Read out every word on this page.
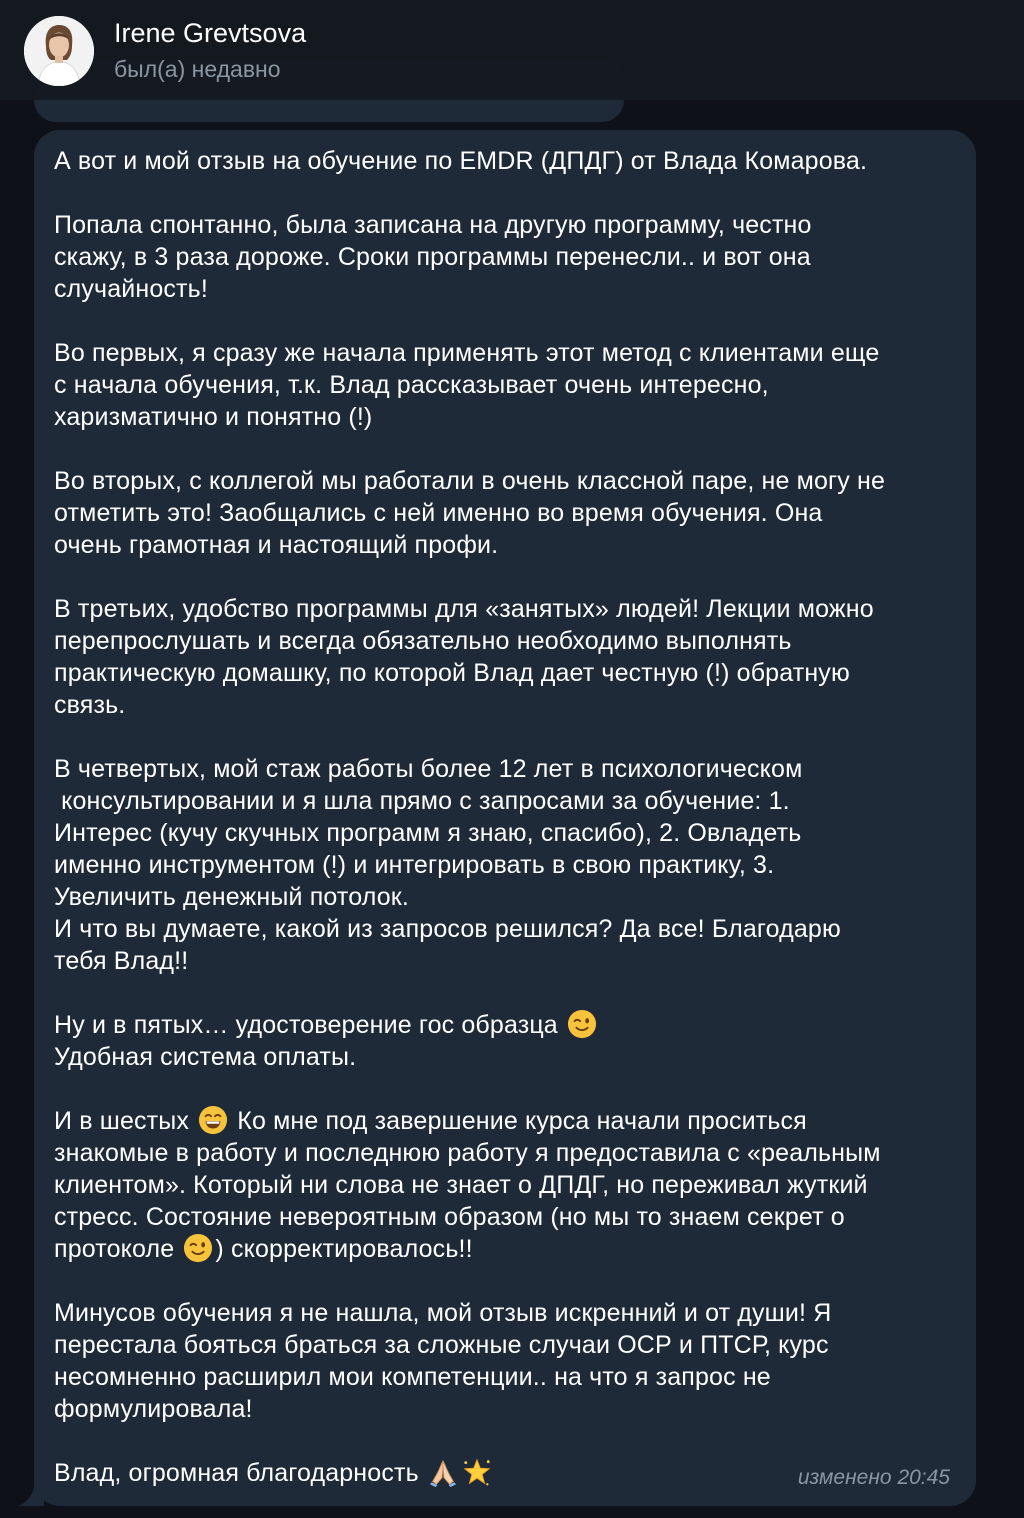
Irene Grevtsova
был(а) недавно
А вот и мой отзыв на обучение по EMDR (ДПДГ) от Влада Комарова.

Попала спонтанно, была записана на другую программу, честно
скажу, в 3 раза дороже. Сроки программы перенесли.. и вот она
случайность!

Во первых, я сразу же начала применять этот метод с клиентами еще
с начала обучения, т.к. Влад рассказывает очень интересно,
харизматично и понятно (!)

Во вторых, с коллегой мы работали в очень классной паре, не могу не
отметить это! Заобщались с ней именно во время обучения. Она
очень грамотная и настоящий профи.

В третьих, удобство программы для «занятых» людей! Лекции можно
перепрослушать и всегда обязательно необходимо выполнять
практическую домашку, по которой Влад дает честную (!) обратную
связь.

В четвертых, мой стаж работы более 12 лет в психологическом
консультировании и я шла прямо с запросами за обучение: 1.
Интерес (кучу скучных программ я знаю, спасибо), 2. Овладеть
именно инструментом (!) и интегрировать в свою практику, 3.
Увеличить денежный потолок.
И что вы думаете, какой из запросов решился? Да все! Благодарю
тебя Влад!!

Ну и в пятых… удостоверение гос образца
Удобная система оплаты.

И в шестых  Ко мне под завершение курса начали проситься
знакомые в работу и последнюю работу я предоставила с «реальным
клиентом». Который ни слова не знает о ДПДГ, но переживал жуткий
стресс. Состояние невероятным образом (но мы то знаем секрет о
протоколе ) скорректировалось!!

Минусов обучения я не нашла, мой отзыв искренний и от души! Я
перестала бояться браться за сложные случаи ОСР и ПТСР, курс
несомненно расширил мои компетенции.. на что я запрос не
формулировала!

Влад, огромная благодарность	изменено 20:45
